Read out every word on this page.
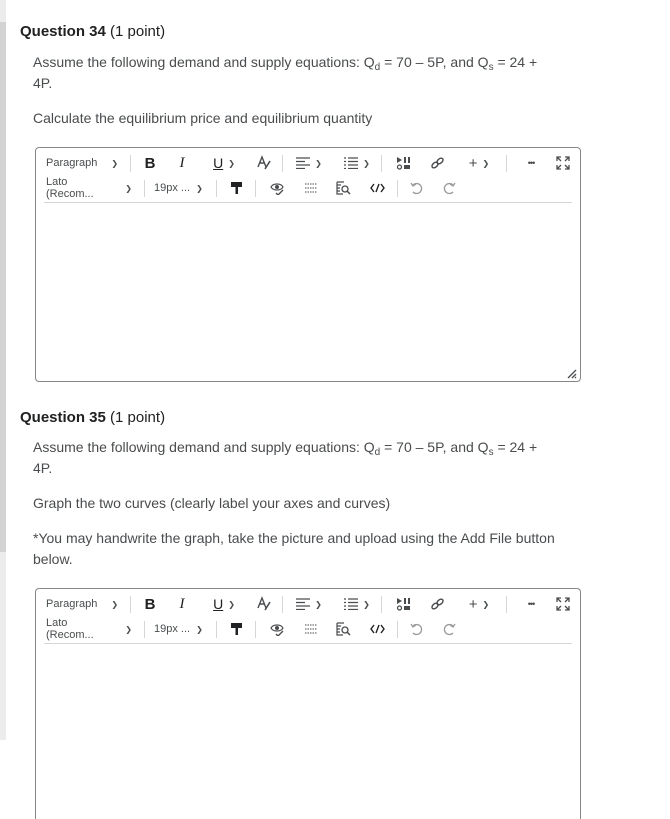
Question 34 (1 point)

Assume the following demand and supply equations: $Q_d = 70 - 5P$, and $Q_s = 24$ +

4P.

Calculate the equilibrium price and equilibrium quantity

Paragraph ❯	B	I	U ❯	❯	❯	+ ❯	•••
Lato (Recom...	❯ 19px ... ❯

Question 35 (1 point)

Assume the following demand and supply equations: $Q_d = 70 - 5P$, and $Q_s = 24$ +

4P.

Graph the two curves (clearly label your axes and curves)

*You may handwrite the graph, take the picture and upload using the Add File button

below.

Paragraph ❯	B	I	U ❯	❯	❯	+ ❯	•••
Lato (Recom...	❯ 19px ... ❯
